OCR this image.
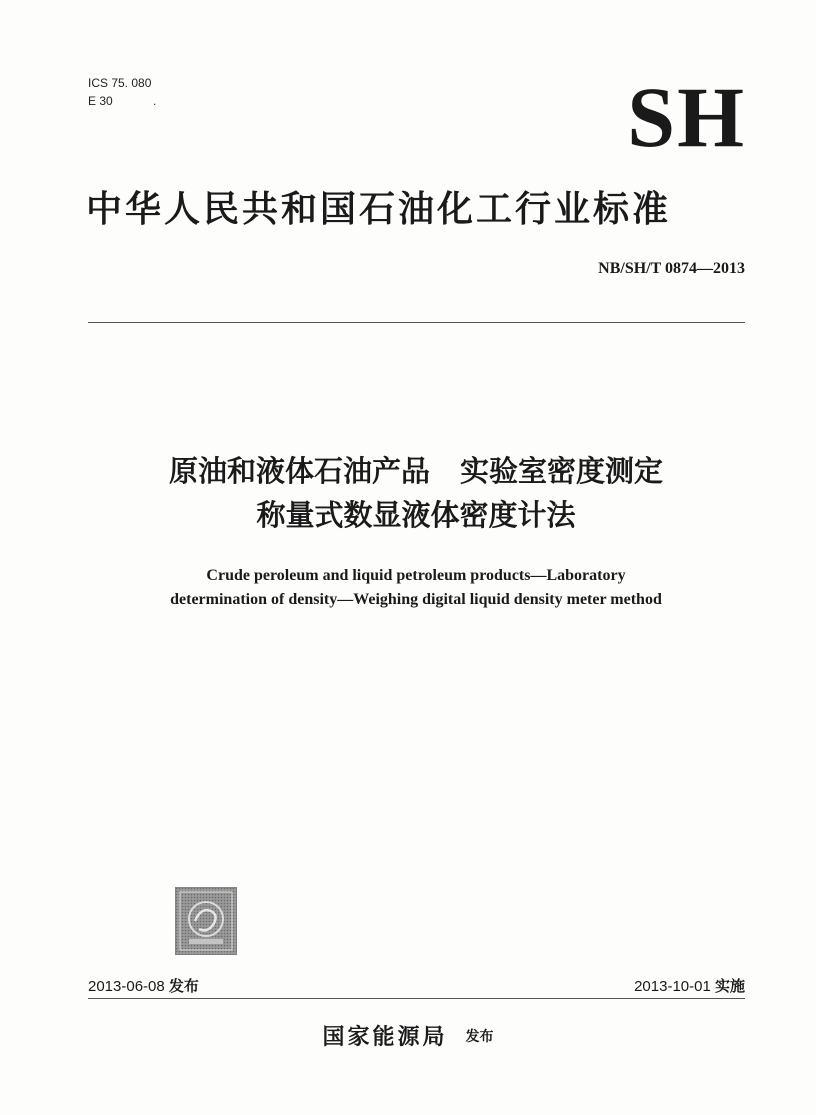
ICS 75. 080
E 30	.	SH
中华人民共和国石油化工行业标准
NB/SH/T 0874—2013
原油和液体石油产品 实验室密度测定
称量式数显液体密度计法
Crude peroleum and liquid petroleum products—Laboratory
determination of density—Weighing digital liquid density meter method
2013-06-08 发布	2013-10-01 实施
国家能源局 发布
